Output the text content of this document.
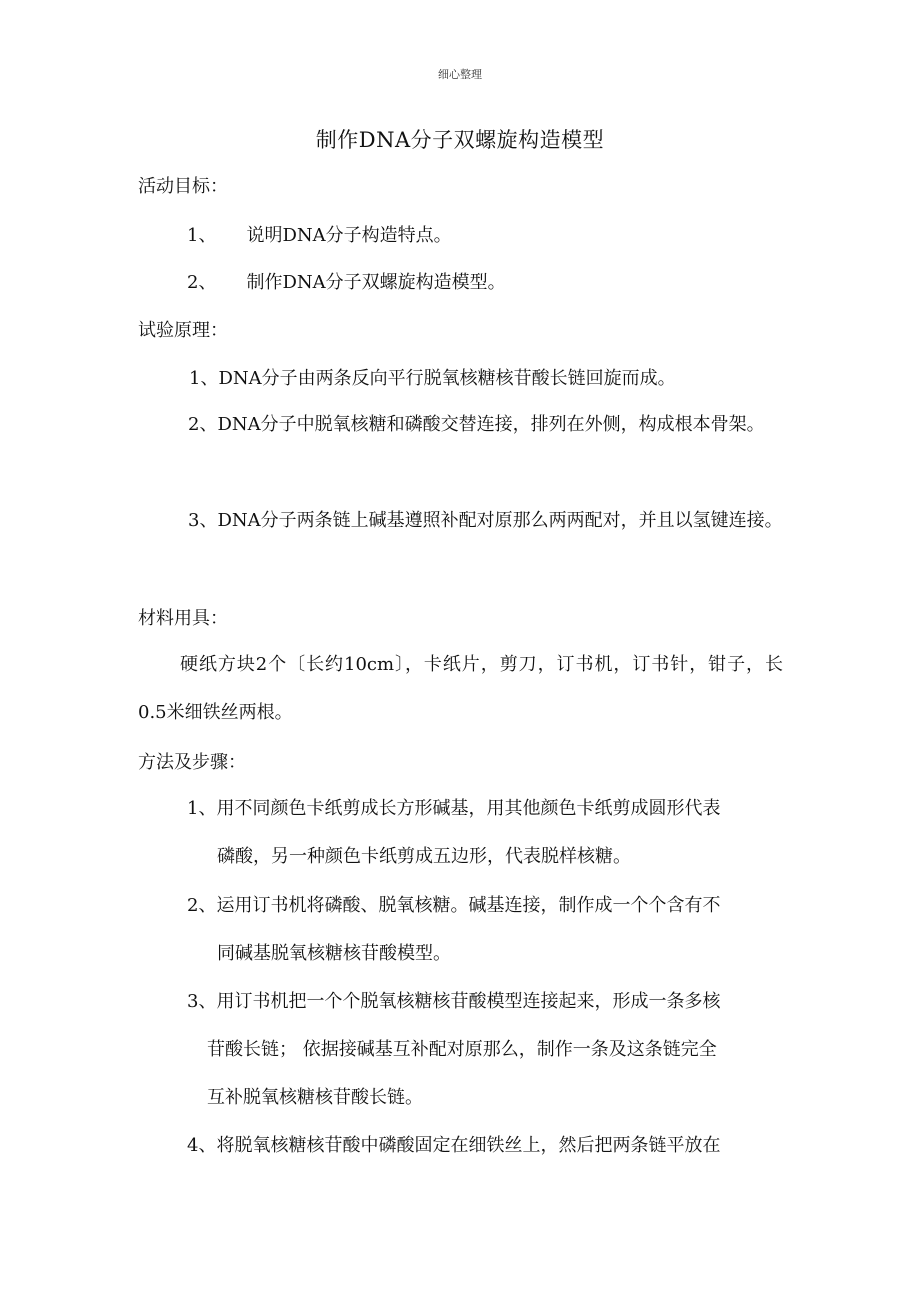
细心整理
制作DNA分子双螺旋构造模型
活动目标：
1、 说明DNA分子构造特点。
2、 制作DNA分子双螺旋构造模型。
试验原理：
1、DNA分子由两条反向平行脱氧核糖核苷酸长链回旋而成。
2、DNA分子中脱氧核糖和磷酸交替连接，排列在外侧，构成根本骨架。
3、DNA分子两条链上碱基遵照补配对原那么两两配对，并且以氢键连接。
材料用具：
硬纸方块2个〔长约10cm〕，卡纸片，剪刀，订书机，订书针，钳子，长0.5米细铁丝两根。
方法及步骤：
1、用不同颜色卡纸剪成长方形碱基，用其他颜色卡纸剪成圆形代表
磷酸，另一种颜色卡纸剪成五边形，代表脱样核糖。
2、运用订书机将磷酸、脱氧核糖。碱基连接，制作成一个个含有不
同碱基脱氧核糖核苷酸模型。
3、用订书机把一个个脱氧核糖核苷酸模型连接起来，形成一条多核
苷酸长链； 依据接碱基互补配对原那么，制作一条及这条链完全
互补脱氧核糖核苷酸长链。
4、将脱氧核糖核苷酸中磷酸固定在细铁丝上，然后把两条链平放在
